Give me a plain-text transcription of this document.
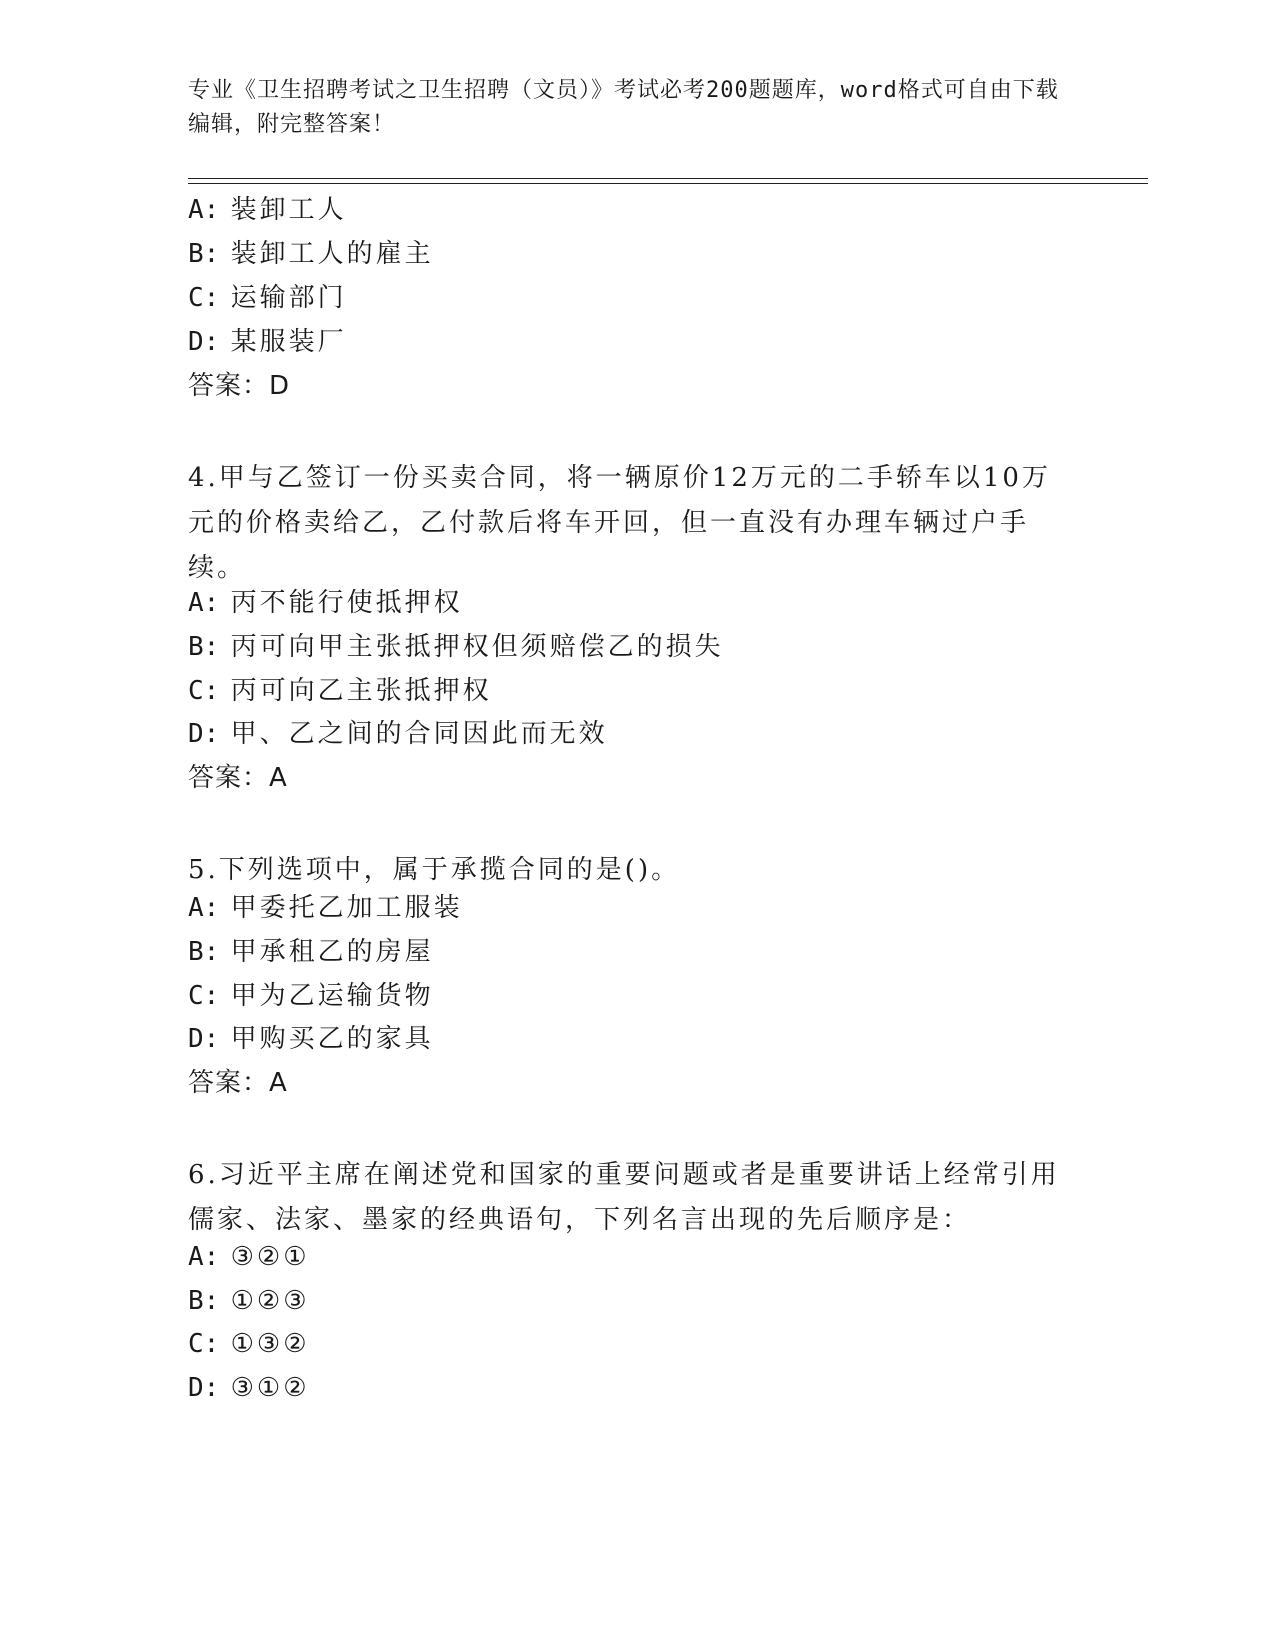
专业《卫生招聘考试之卫生招聘（文员）》考试必考200题题库，word格式可自由下载编辑，附完整答案！
A: 装卸工人
B: 装卸工人的雇主
C: 运输部门
D: 某服装厂
答案：D
4.甲与乙签订一份买卖合同，将一辆原价12万元的二手轿车以10万元的价格卖给乙，乙付款后将车开回，但一直没有办理车辆过户手续。
A: 丙不能行使抵押权
B: 丙可向甲主张抵押权但须赔偿乙的损失
C: 丙可向乙主张抵押权
D: 甲、乙之间的合同因此而无效
答案：A
5.下列选项中，属于承揽合同的是()。
A: 甲委托乙加工服装
B: 甲承租乙的房屋
C: 甲为乙运输货物
D: 甲购买乙的家具
答案：A
6.习近平主席在阐述党和国家的重要问题或者是重要讲话上经常引用儒家、法家、墨家的经典语句，下列名言出现的先后顺序是：
A: ③②①
B: ①②③
C: ①③②
D: ③①②
